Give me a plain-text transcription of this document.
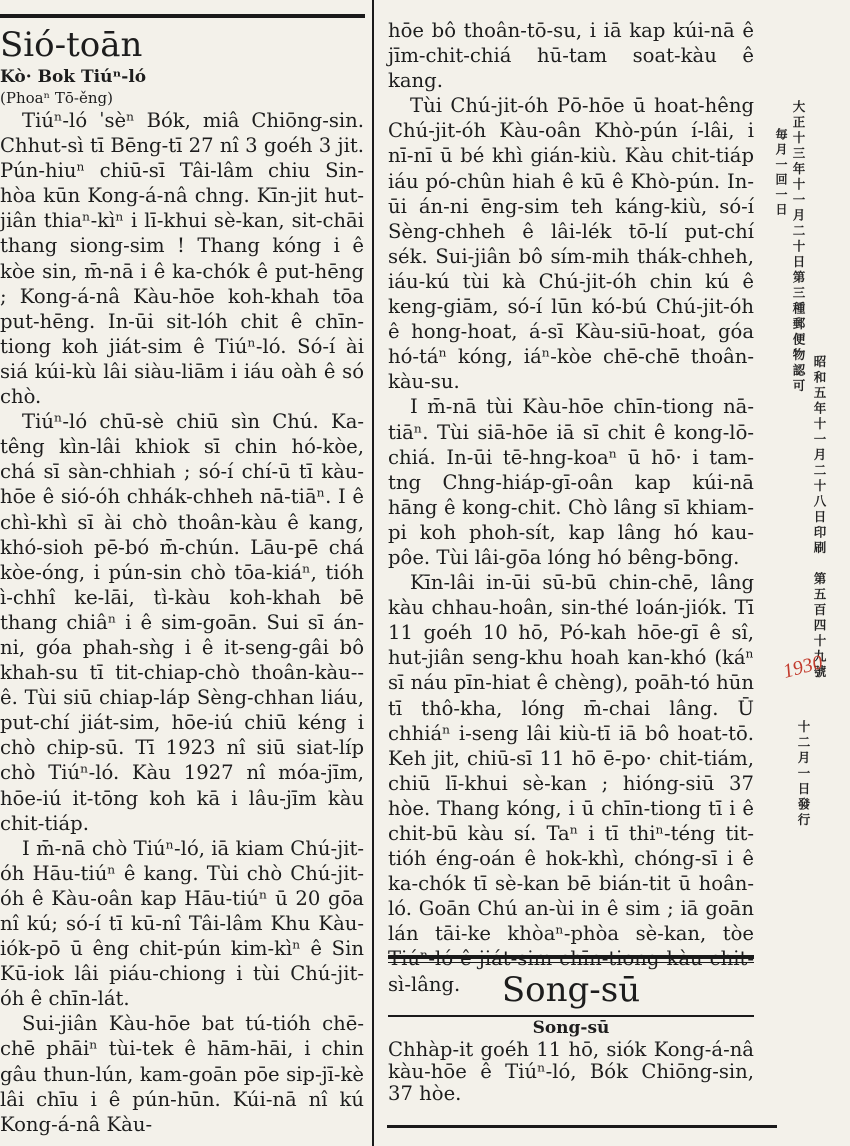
Sió-toān

Kò· Bok Tiúⁿ-ló

(Phoaⁿ Tō-ěng)

Tiúⁿ-ló ˈsèⁿ Bók, miâ Chiōng-sin. Chhut-sì tī Bēng-tī 27 nî 3 goéh 3 jit. Pún-hiuⁿ chiū-sī Tâi-lâm chiu Sin-hòa kūn Kong-á-nâ chng. Kīn-jit hut-jiân thiaⁿ-kìⁿ i lī-khui sè-kan, sit-chāi thang siong-sim ! Thang kóng i ê kòe sin, m̄-nā i ê ka-chók ê put-hēng ; Kong-á-nâ Kàu-hōe koh-khah tōa put-hēng. In-ūi sit-lóh chit ê chīn-tiong koh jiát-sim ê Tiúⁿ-ló. Só-í ài siá kúi-kù lâi siàu-liām i iáu oàh ê só chò.

Tiúⁿ-ló chū-sè chiū sìn Chú. Ka-têng kìn-lâi khiok sī chin hó-kòe, chá sī sàn-chhiah ; só-í chí-ū tī kàu-hōe ê sió-óh chhák-chheh nā-tiāⁿ. I ê chì-khì sī ài chò thoân-kàu ê kang, khó-sioh pē-bó m̄-chún. Lāu-pē chá kòe-óng, i pún-sin chò tōa-kiáⁿ, tióh ì-chhî ke-lāi, tì-kàu koh-khah bē thang chiâⁿ i ê sim-goān. Sui sī án-ni, góa phah-sǹg i ê it-seng-gâi bô khah-su tī tit-chiap-chò thoân-kàu--ê. Tùi siū chiap-láp Sèng-chhan liáu, put-chí jiát-sim, hōe-iú chiū kéng i chò chip-sū. Tī 1923 nî siū siat-líp chò Tiúⁿ-ló. Kàu 1927 nî móa-jīm, hōe-iú it-tōng koh kā i lâu-jīm kàu chit-tiáp.

I m̄-nā chò Tiúⁿ-ló, iā kiam Chú-jit-óh Hāu-tiúⁿ ê kang. Tùi chò Chú-jit-óh ê Kàu-oân kap Hāu-tiúⁿ ū 20 gōa nî kú; só-í tī kū-nî Tâi-lâm Khu Kàu-iók-pō ū êng chit-pún kim-kìⁿ ê Sin Kū-iok lâi piáu-chiong i tùi Chú-jit-óh ê chīn-lát.

Sui-jiân Kàu-hōe bat tú-tióh chē-chē phāiⁿ tùi-tek ê hām-hāi, i chin gâu thun-lún, kam-goān pōe sip-jī-kè lâi chīu i ê pún-hūn. Kúi-nā nî kú Kong-á-nâ Kàu-

hōe bô thoân-tō-su, i iā kap kúi-nā ê jīm-chit-chiá hū-tam soat-kàu ê kang.

Tùi Chú-jit-óh Pō-hōe ū hoat-hêng Chú-jit-óh Kàu-oân Khò-pún í-lâi, i nī-nī ū bé khì gián-kiù. Kàu chit-tiáp iáu pó-chûn hiah ê kū ê Khò-pún. In-ūi án-ni ēng-sim teh káng-kiù, só-í Sèng-chheh ê lâi-lék tō-lí put-chí sék. Sui-jiân bô sím-mih thák-chheh, iáu-kú tùi kà Chú-jit-óh chin kú ê keng-giām, só-í lūn kó-bú Chú-jit-óh ê hong-hoat, á-sī Kàu-siū-hoat, góa hó-táⁿ kóng, iáⁿ-kòe chē-chē thoân-kàu-su.

I m̄-nā tùi Kàu-hōe chīn-tiong nā-tiāⁿ. Tùi siā-hōe iā sī chit ê kong-lō-chiá. In-ūi tē-hng-koaⁿ ū hō· i tam-tng Chng-hiáp-gī-oân kap kúi-nā hāng ê kong-chit. Chò lâng sī khiam-pi koh phoh-sít, kap lâng hó kau-pôe. Tùi lâi-gōa lóng hó bêng-bōng.

Kīn-lâi in-ūi sū-bū chin-chē, lâng kàu chhau-hoân, sin-thé loán-jiók. Tī 11 goéh 10 hō, Pó-kah hōe-gī ê sî, hut-jiân seng-khu hoah kan-khó (káⁿ sī náu pīn-hiat ê chèng), poāh-tó hūn tī thô-kha, lóng m̄-chai lâng. Ū chhiáⁿ i-seng lâi kiù-tī iā bô hoat-tō. Keh jit, chiū-sī 11 hō ē-po· chit-tiám, chiū lī-khui sè-kan ; hióng-siū 37 hòe. Thang kóng, i ū chīn-tiong tī i ê chit-bū kàu sí. Taⁿ i tī thiⁿ-téng tit-tióh éng-oán ê hok-khì, chóng-sī i ê ka-chók tī sè-kan bē bián-tit ū hoân-ló. Goān Chú an-ùi in ê sim ; iā goān lán tāi-ke khòaⁿ-phòa sè-kan, tòe sì-lâng.	Song-sū

Song-sū

Chhàp-it goéh 11 hō, siók Kong-á-nâ kàu-hōe ê Tiúⁿ-ló, Bók Chiōng-sin, 37 hòe.

大正十三年十一月二十日第三種郵便物認可
昭和五年十一月二十八日印刷　第五百四十九號
毎月一回一日
十二月一日發行
1930
